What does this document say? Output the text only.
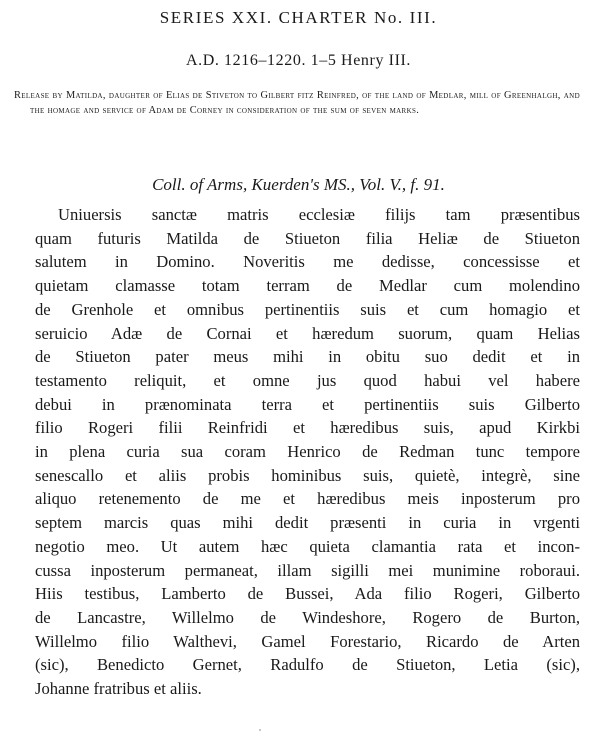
SERIES XXI. CHARTER No. III.
A.D. 1216–1220. 1–5 Henry III.
Release by Matilda, daughter of Elias de Stiveton to Gilbert fitz Reinfred, of the land of Medlar, mill of Greenhalgh, and the homage and service of Adam de Corney in consideration of the sum of seven marks.
Coll. of Arms, Kuerden's MS., Vol. V., f. 91.

Uniuersis sanctæ matris ecclesiæ filijs tam præsentibus
quam futuris Matilda de Stiueton filia Heliæ de Stiueton
salutem in Domino. Noveritis me dedisse, concessisse et
quietam clamasse totam terram de Medlar cum molendino
de Grenhole et omnibus pertinentiis suis et cum homagio et
seruicio Adæ de Cornai et hæredum suorum, quam Helias
de Stiueton pater meus mihi in obitu suo dedit et in
testamento reliquit, et omne jus quod habui vel habere
debui in prænominata terra et pertinentiis suis Gilberto
filio Rogeri filii Reinfridi et hæredibus suis, apud Kirkbi
in plena curia sua coram Henrico de Redman tunc tempore
senescallo et aliis probis hominibus suis, quietè, integrè, sine
aliquo retenemento de me et hæredibus meis inposterum pro
septem marcis quas mihi dedit præsenti in curia in vrgenti
negotio meo. Ut autem hæc quieta clamantia rata et incon-
cussa inposterum permaneat, illam sigilli mei munimine roboraui.
Hiis testibus, Lamberto de Bussei, Ada filio Rogeri, Gilberto
de Lancastre, Willelmo de Windeshore, Rogero de Burton,
Willelmo filio Walthevi, Gamel Forestario, Ricardo de Arten
(sic), Benedicto Gernet, Radulfo de Stiueton, Letia (sic),
Johanne fratribus et aliis.
